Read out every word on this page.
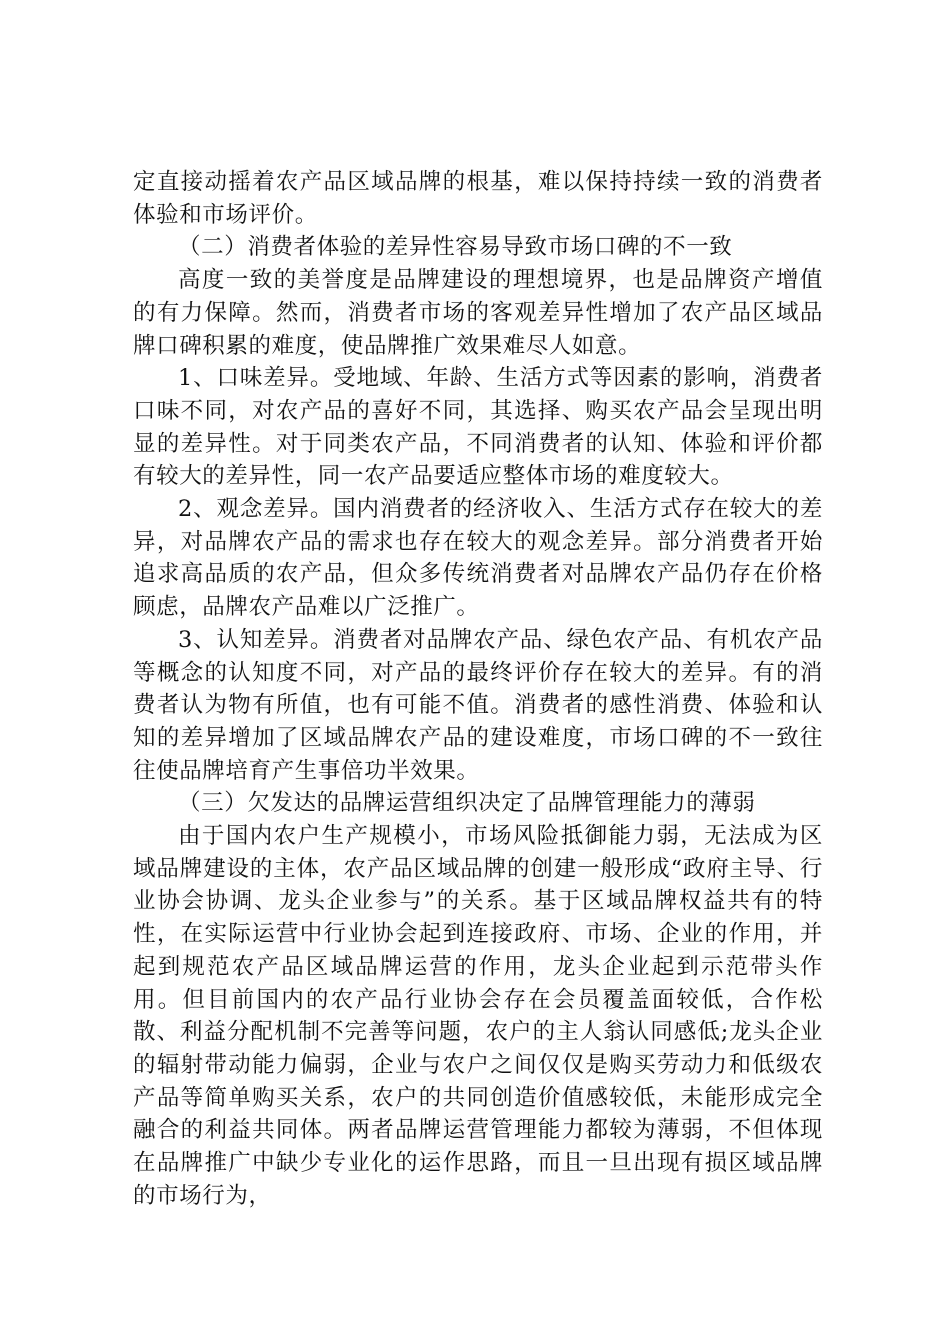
定直接动摇着农产品区域品牌的根基，难以保持持续一致的消费者体验和市场评价。

（二）消费者体验的差异性容易导致市场口碑的不一致

高度一致的美誉度是品牌建设的理想境界，也是品牌资产增值的有力保障。然而，消费者市场的客观差异性增加了农产品区域品牌口碑积累的难度，使品牌推广效果难尽人如意。

1、口味差异。受地域、年龄、生活方式等因素的影响，消费者口味不同，对农产品的喜好不同，其选择、购买农产品会呈现出明显的差异性。对于同类农产品，不同消费者的认知、体验和评价都有较大的差异性，同一农产品要适应整体市场的难度较大。

2、观念差异。国内消费者的经济收入、生活方式存在较大的差异，对品牌农产品的需求也存在较大的观念差异。部分消费者开始追求高品质的农产品，但众多传统消费者对品牌农产品仍存在价格顾虑，品牌农产品难以广泛推广。

3、认知差异。消费者对品牌农产品、绿色农产品、有机农产品等概念的认知度不同，对产品的最终评价存在较大的差异。有的消费者认为物有所值，也有可能不值。消费者的感性消费、体验和认知的差异增加了区域品牌农产品的建设难度，市场口碑的不一致往往使品牌培育产生事倍功半效果。

（三）欠发达的品牌运营组织决定了品牌管理能力的薄弱

由于国内农户生产规模小，市场风险抵御能力弱，无法成为区域品牌建设的主体，农产品区域品牌的创建一般形成“政府主导、行业协会协调、龙头企业参与”的关系。基于区域品牌权益共有的特性，在实际运营中行业协会起到连接政府、市场、企业的作用，并起到规范农产品区域品牌运营的作用，龙头企业起到示范带头作用。但目前国内的农产品行业协会存在会员覆盖面较低，合作松散、利益分配机制不完善等问题，农户的主人翁认同感低;龙头企业的辐射带动能力偏弱，企业与农户之间仅仅是购买劳动力和低级农产品等简单购买关系，农户的共同创造价值感较低，未能形成完全融合的利益共同体。两者品牌运营管理能力都较为薄弱，不但体现在品牌推广中缺少专业化的运作思路，而且一旦出现有损区域品牌的市场行为，
